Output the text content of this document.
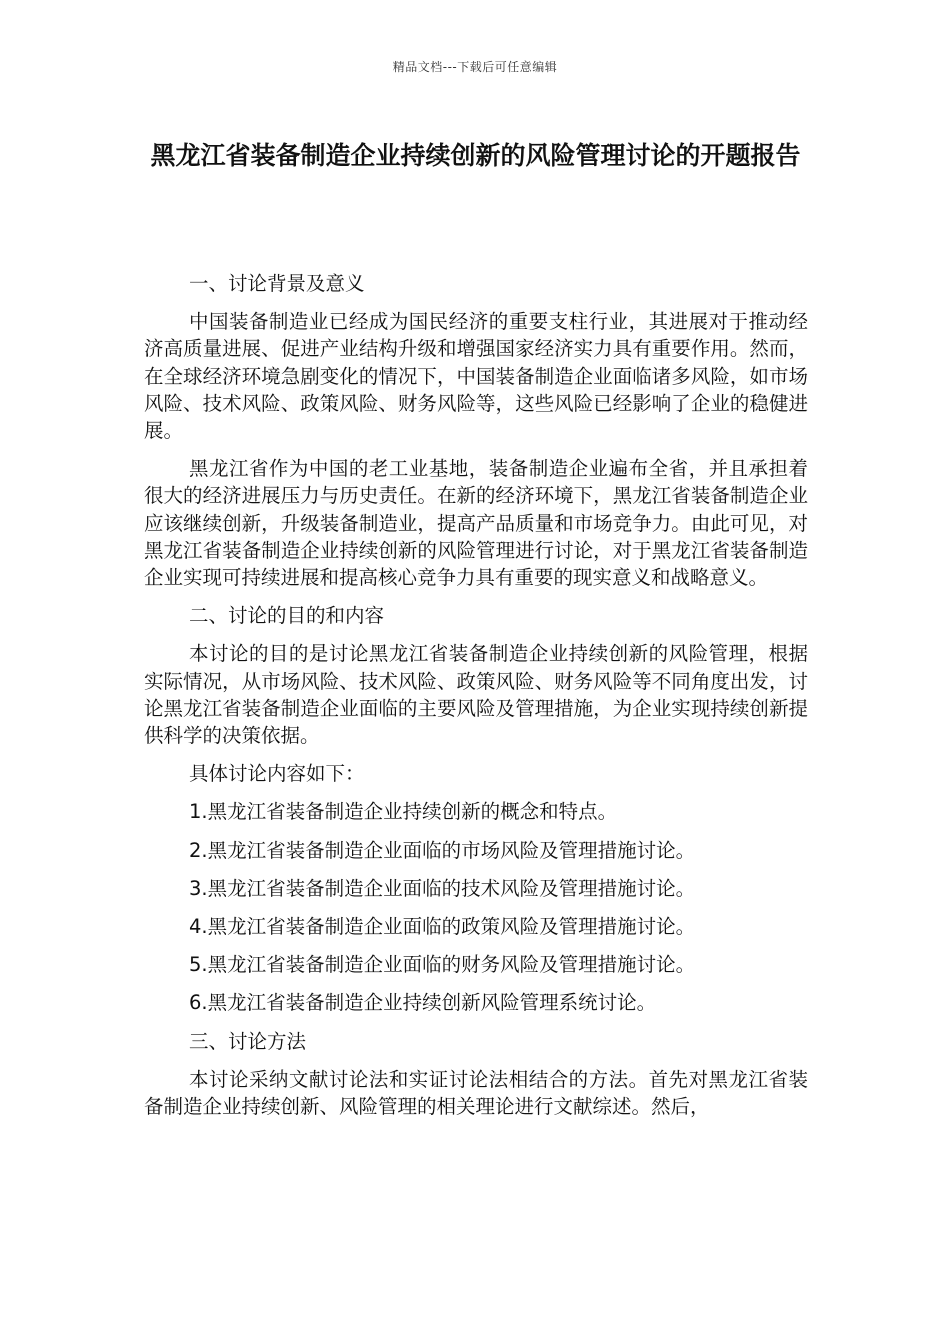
精品文档---下载后可任意编辑
黑龙江省装备制造企业持续创新的风险管理讨论的开题报告

一、讨论背景及意义

中国装备制造业已经成为国民经济的重要支柱行业，其进展对于推动经济高质量进展、促进产业结构升级和增强国家经济实力具有重要作用。然而，在全球经济环境急剧变化的情况下，中国装备制造企业面临诸多风险，如市场风险、技术风险、政策风险、财务风险等，这些风险已经影响了企业的稳健进展。

黑龙江省作为中国的老工业基地，装备制造企业遍布全省，并且承担着很大的经济进展压力与历史责任。在新的经济环境下，黑龙江省装备制造企业应该继续创新，升级装备制造业，提高产品质量和市场竞争力。由此可见，对黑龙江省装备制造企业持续创新的风险管理进行讨论，对于黑龙江省装备制造企业实现可持续进展和提高核心竞争力具有重要的现实意义和战略意义。

二、讨论的目的和内容

本讨论的目的是讨论黑龙江省装备制造企业持续创新的风险管理，根据实际情况，从市场风险、技术风险、政策风险、财务风险等不同角度出发，讨论黑龙江省装备制造企业面临的主要风险及管理措施，为企业实现持续创新提供科学的决策依据。

具体讨论内容如下：

1.黑龙江省装备制造企业持续创新的概念和特点。

2.黑龙江省装备制造企业面临的市场风险及管理措施讨论。

3.黑龙江省装备制造企业面临的技术风险及管理措施讨论。

4.黑龙江省装备制造企业面临的政策风险及管理措施讨论。

5.黑龙江省装备制造企业面临的财务风险及管理措施讨论。

6.黑龙江省装备制造企业持续创新风险管理系统讨论。

三、讨论方法

本讨论采纳文献讨论法和实证讨论法相结合的方法。首先对黑龙江省装备制造企业持续创新、风险管理的相关理论进行文献综述。然后，
